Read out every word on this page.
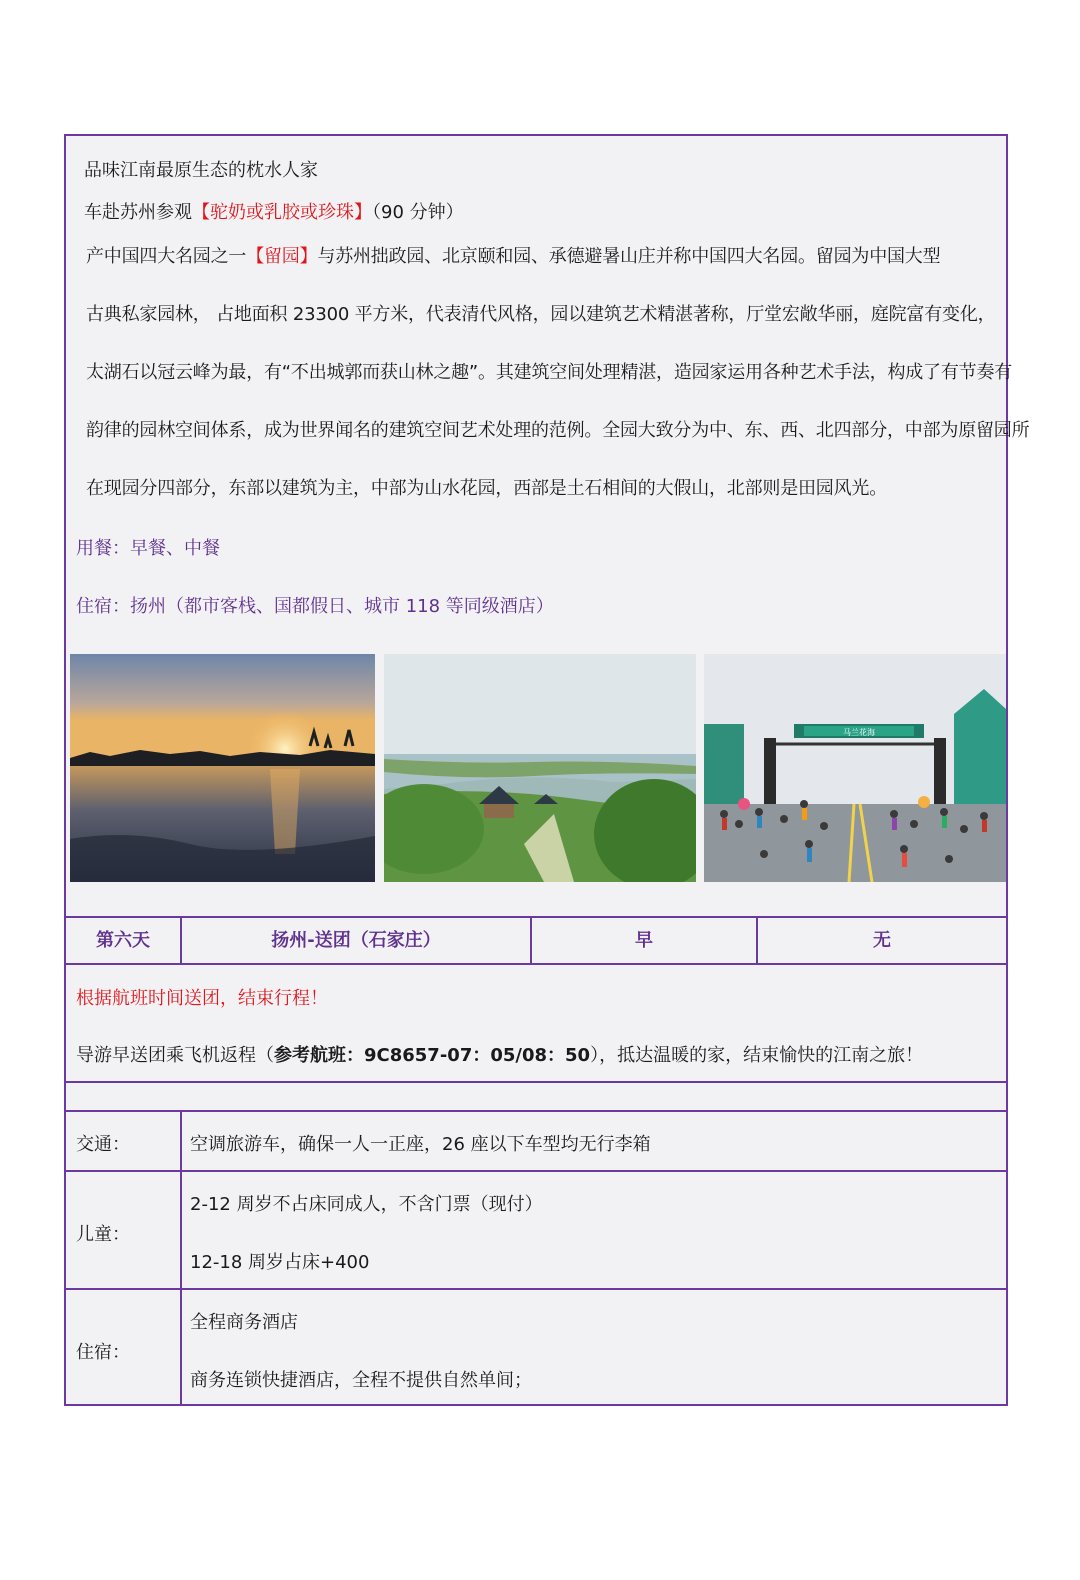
品味江南最原生态的枕水人家
车赴苏州参观【驼奶或乳胶或珍珠】（90 分钟）

产中国四大名园之一【留园】与苏州拙政园、北京颐和园、承德避暑山庄并称中国四大名园。留园为中国大型

古典私家园林， 占地面积 23300 平方米，代表清代风格，园以建筑艺术精湛著称，厅堂宏敞华丽，庭院富有变化，

太湖石以冠云峰为最，有“不出城郭而获山林之趣”。其建筑空间处理精湛，造园家运用各种艺术手法，构成了有节奏有

韵律的园林空间体系，成为世界闻名的建筑空间艺术处理的范例。全园大致分为中、东、西、北四部分，中部为原留园所

在现园分四部分，东部以建筑为主，中部为山水花园，西部是土石相间的大假山，北部则是田园风光。

用餐：早餐、中餐
住宿：扬州（都市客栈、国都假日、城市 118 等同级酒店）
马兰花海
第六天	扬州-送团（石家庄）	早	无
根据航班时间送团，结束行程！
导游早送团乘飞机返程（参考航班：9C8657-07：05/08：50），抵达温暖的家，结束愉快的江南之旅！
交通：	空调旅游车，确保一人一正座，26 座以下车型均无行李箱
儿童：
2-12 周岁不占床同成人，不含门票（现付）
12-18 周岁占床+400
住宿：
全程商务酒店
商务连锁快捷酒店，全程不提供自然单间；
